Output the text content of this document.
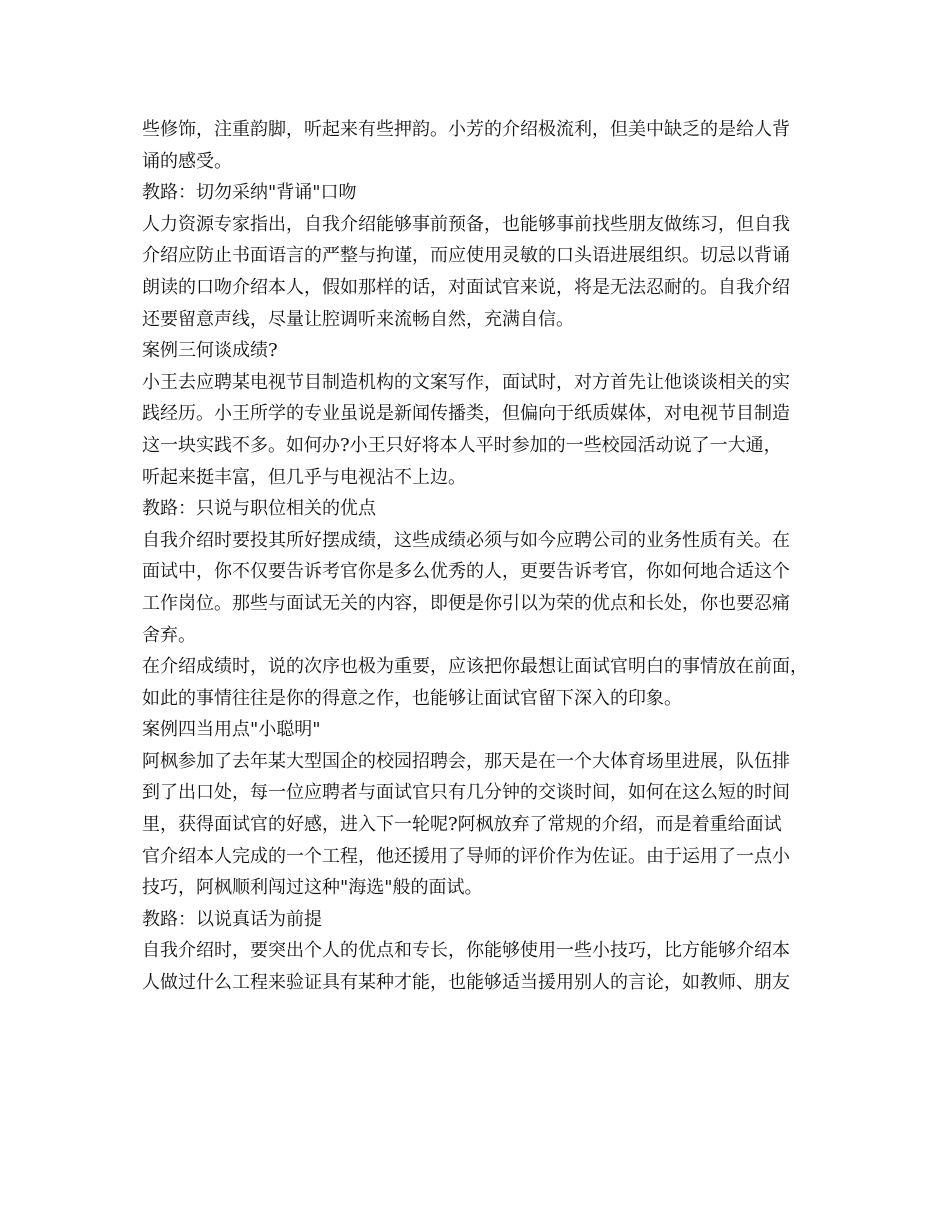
些修饰，注重韵脚，听起来有些押韵。小芳的介绍极流利，但美中缺乏的是给人背
诵的感受。
教路：切勿采纳"背诵"口吻
人力资源专家指出，自我介绍能够事前预备，也能够事前找些朋友做练习，但自我
介绍应防止书面语言的严整与拘谨，而应使用灵敏的口头语进展组织。切忌以背诵
朗读的口吻介绍本人，假如那样的话，对面试官来说，将是无法忍耐的。自我介绍
还要留意声线，尽量让腔调听来流畅自然，充满自信。
案例三何谈成绩?
小王去应聘某电视节目制造机构的文案写作，面试时，对方首先让他谈谈相关的实
践经历。小王所学的专业虽说是新闻传播类，但偏向于纸质媒体，对电视节目制造
这一块实践不多。如何办?小王只好将本人平时参加的一些校园活动说了一大通，
听起来挺丰富，但几乎与电视沾不上边。
教路：只说与职位相关的优点
自我介绍时要投其所好摆成绩，这些成绩必须与如今应聘公司的业务性质有关。在
面试中，你不仅要告诉考官你是多么优秀的人，更要告诉考官，你如何地合适这个
工作岗位。那些与面试无关的内容，即便是你引以为荣的优点和长处，你也要忍痛
舍弃。
在介绍成绩时，说的次序也极为重要，应该把你最想让面试官明白的事情放在前面，
如此的事情往往是你的得意之作，也能够让面试官留下深入的印象。
案例四当用点"小聪明"
阿枫参加了去年某大型国企的校园招聘会，那天是在一个大体育场里进展，队伍排
到了出口处，每一位应聘者与面试官只有几分钟的交谈时间，如何在这么短的时间
里，获得面试官的好感，进入下一轮呢?阿枫放弃了常规的介绍，而是着重给面试
官介绍本人完成的一个工程，他还援用了导师的评价作为佐证。由于运用了一点小
技巧，阿枫顺利闯过这种"海选"般的面试。
教路：以说真话为前提
自我介绍时，要突出个人的优点和专长，你能够使用一些小技巧，比方能够介绍本
人做过什么工程来验证具有某种才能，也能够适当援用别人的言论，如教师、朋友
